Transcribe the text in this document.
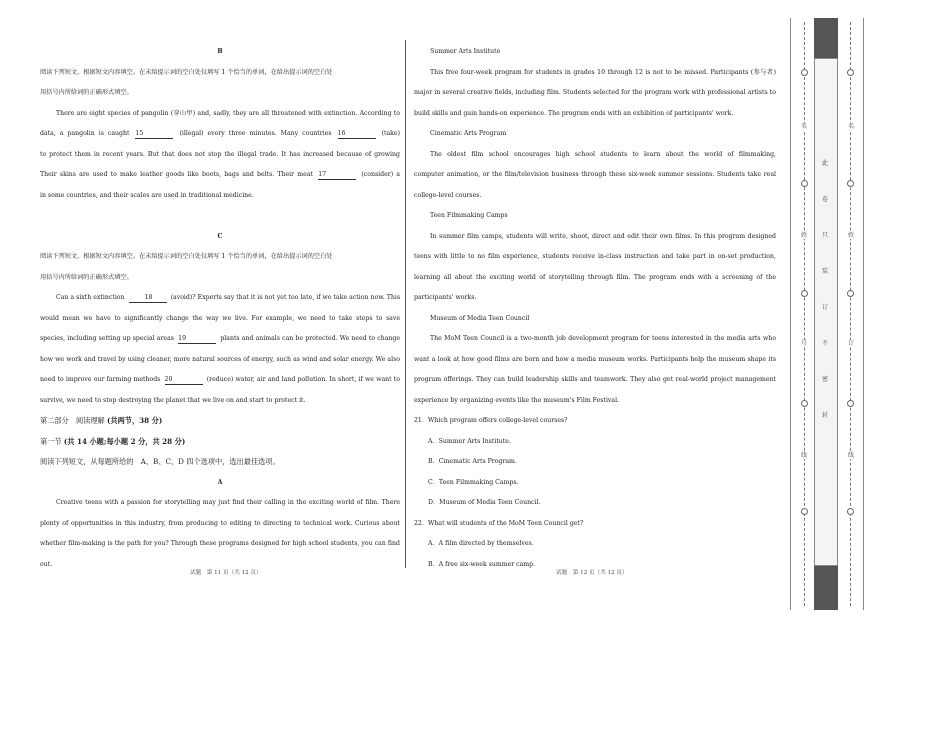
B
阅读下列短文，根据短文内容填空。在未给提示词的空白处仅填写 1 个恰当的单词，在给出提示词的空白处
用括号内所给词的正确形式填空。
There are eight species of pangolin (穿山甲) and, sadly, they are all threatened with extinction. According to
data, a pangolin is caught 15	(illegal) every three minutes. Many countries 16	(take)
to protect them in recent years. But that does not stop the illegal trade. It has increased because of growing
Their skins are used to make leather goods like boots, bags and belts. Their meat 17	(consider) a
in some countries, and their scales are used in traditional medicine.
C
阅读下列短文，根据短文内容填空。在未给提示词的空白处仅填写 1 个恰当的单词，在给出提示词的空白处
用括号内所给词的正确形式填空。
Can a sixth extinction	18	(avoid)? Experts say that it is not yet too late, if we take action now. This
would mean we have to significantly change the way we live. For example, we need to take steps to save
species, including setting up special areas 19	plants and animals can be protected. We need to change
how we work and travel by using cleaner, more natural sources of energy, such as wind and solar energy. We also
need to improve our farming methods 20	(reduce) water, air and land pollution. In short, if we want to
survive, we need to stop destroying the planet that we live on and start to protect it.
第二部分　阅读理解 (共两节，38 分)
第一节 (共 14 小题;每小题 2 分，共 28 分)
阅读下列短文，从每题所给的　A、B、C、D 四个选项中，选出最佳选项。
A
Creative teens with a passion for storytelling may just find their calling in the exciting world of film. There
plenty of opportunities in this industry, from producing to editing to directing to technical work. Curious about
whether film-making is the path for you? Through these programs designed for high school students, you can find
out.
Summer Arts Institute
This free four-week program for students in grades 10 through 12 is not to be missed. Participants (参与者)
major in several creative fields, including film. Students selected for the program work with professional artists to
build skills and gain hands-on experience. The program ends with an exhibition of participants' work.
Cinematic Arts Program
The oldest film school encourages high school students to learn about the world of filmmaking,
computer animation, or the film/television business through these six-week summer sessions. Students take real
college-level courses.
Teen Filmmaking Camps
In summer film camps, students will write, shoot, direct and edit their own films. In this program designed
teens with little to no film experience, students receive in-class instruction and take part in on-set production,
learning all about the exciting world of storytelling through film. The program ends with a screening of the
participants' works.
Museum of Media Teen Council
The MoM Teen Council is a two-month job development program for teens interested in the media arts who
want a look at how good films are born and how a media museum works. Participants help the museum shape its
program offerings. They can build leadership skills and teamwork. They also get real-world project management
experience by organizing events like the museum's Film Festival.
21．Which program offers college-level courses?
A．Summer Arts Institute.
B．Cinematic Arts Program.
C．Teen Filmmaking Camps.
D．Museum of Media Teen Council.
22．What will students of the MoM Teen Council get?
A．A film directed by themselves.
B．A free six-week summer camp.
试题　第 11 页（共 12 页）	试题　第 12 页（共 12 页）
名
姓
号
线
名
姓
订
线
此
卷
只
装
订
不
密
封
